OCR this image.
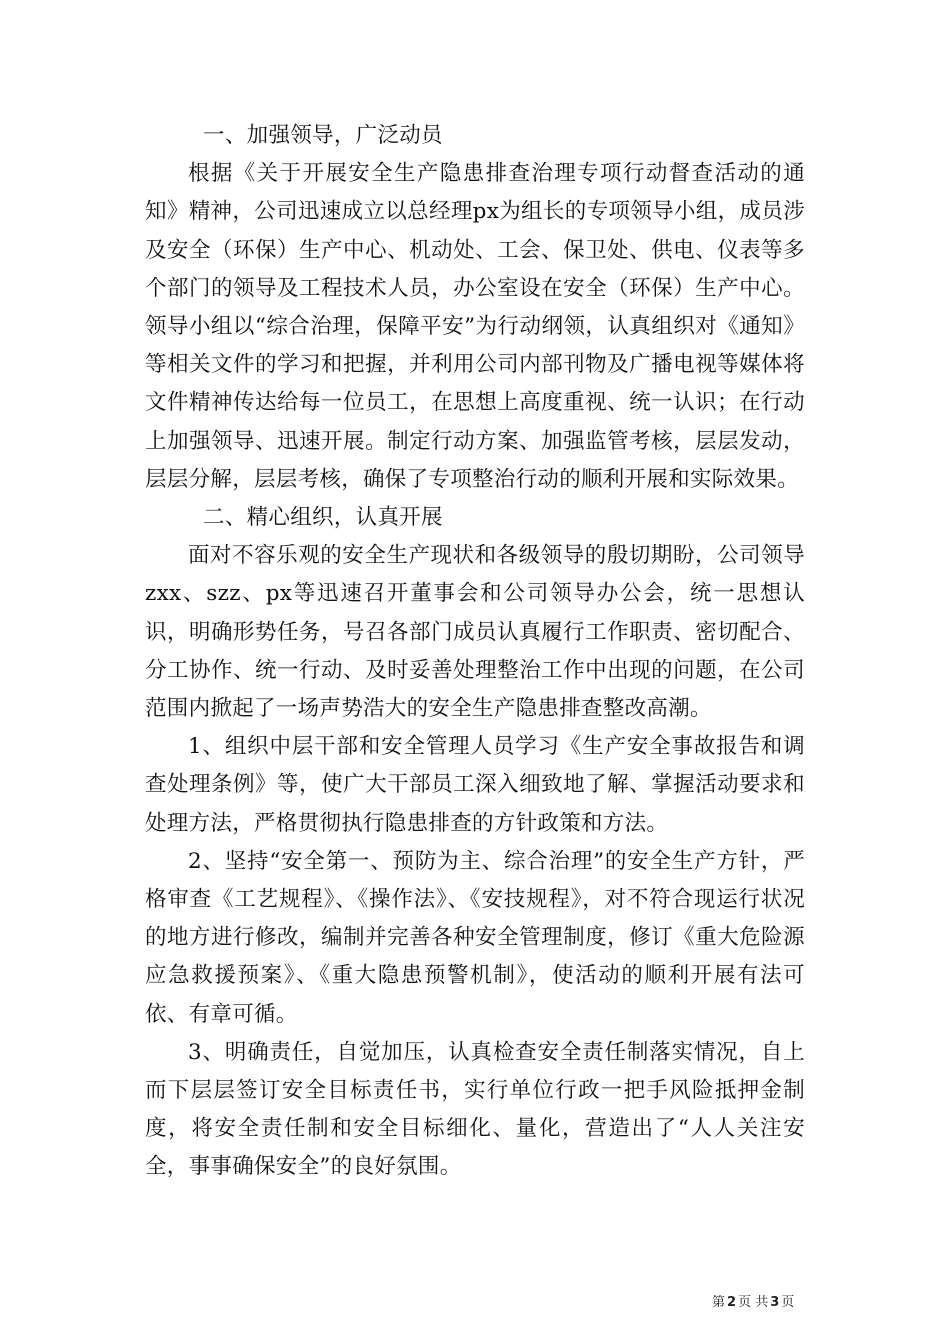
一、加强领导，广泛动员

根据《关于开展安全生产隐患排查治理专项行动督查活动的通知》精神，公司迅速成立以总经理px为组长的专项领导小组，成员涉及安全（环保）生产中心、机动处、工会、保卫处、供电、仪表等多个部门的领导及工程技术人员，办公室设在安全（环保）生产中心。领导小组以“综合治理，保障平安”为行动纲领，认真组织对《通知》等相关文件的学习和把握，并利用公司内部刊物及广播电视等媒体将文件精神传达给每一位员工，在思想上高度重视、统一认识；在行动上加强领导、迅速开展。制定行动方案、加强监管考核，层层发动，层层分解，层层考核，确保了专项整治行动的顺利开展和实际效果。

二、精心组织，认真开展

面对不容乐观的安全生产现状和各级领导的殷切期盼，公司领导zxx、szz、px等迅速召开董事会和公司领导办公会，统一思想认识，明确形势任务，号召各部门成员认真履行工作职责、密切配合、分工协作、统一行动、及时妥善处理整治工作中出现的问题，在公司范围内掀起了一场声势浩大的安全生产隐患排查整改高潮。

1、组织中层干部和安全管理人员学习《生产安全事故报告和调查处理条例》等，使广大干部员工深入细致地了解、掌握活动要求和处理方法，严格贯彻执行隐患排查的方针政策和方法。

2、坚持“安全第一、预防为主、综合治理”的安全生产方针，严格审查《工艺规程》、《操作法》、《安技规程》，对不符合现运行状况的地方进行修改，编制并完善各种安全管理制度，修订《重大危险源应急救援预案》、《重大隐患预警机制》，使活动的顺利开展有法可依、有章可循。

3、明确责任，自觉加压，认真检查安全责任制落实情况，自上而下层层签订安全目标责任书，实行单位行政一把手风险抵押金制度，将安全责任制和安全目标细化、量化，营造出了“人人关注安全，事事确保安全”的良好氛围。

第 2 页 共 3 页
